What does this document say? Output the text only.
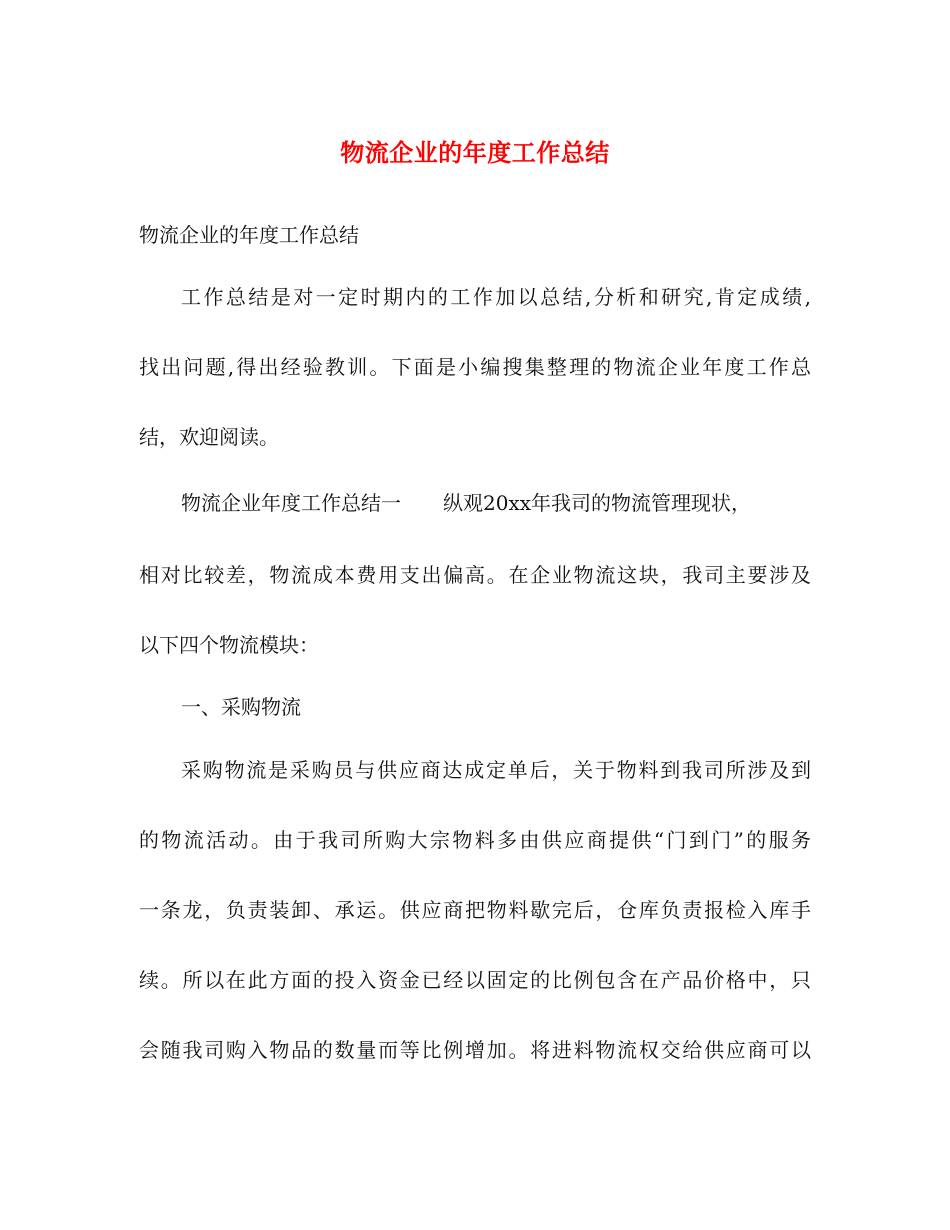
物流企业的年度工作总结

物流企业的年度工作总结

工作总结是对一定时期内的工作加以总结,分析和研究,肯定成绩,

找出问题,得出经验教训。下面是小编搜集整理的物流企业年度工作总

结，欢迎阅读。

物流企业年度工作总结一 纵观20xx年我司的物流管理现状，

相对比较差，物流成本费用支出偏高。在企业物流这块，我司主要涉及

以下四个物流模块：

一、采购物流

采购物流是采购员与供应商达成定单后，关于物料到我司所涉及到

的物流活动。由于我司所购大宗物料多由供应商提供“门到门”的服务

一条龙，负责装卸、承运。供应商把物料歇完后，仓库负责报检入库手

续。所以在此方面的投入资金已经以固定的比例包含在产品价格中，只

会随我司购入物品的数量而等比例增加。将进料物流权交给供应商可以
